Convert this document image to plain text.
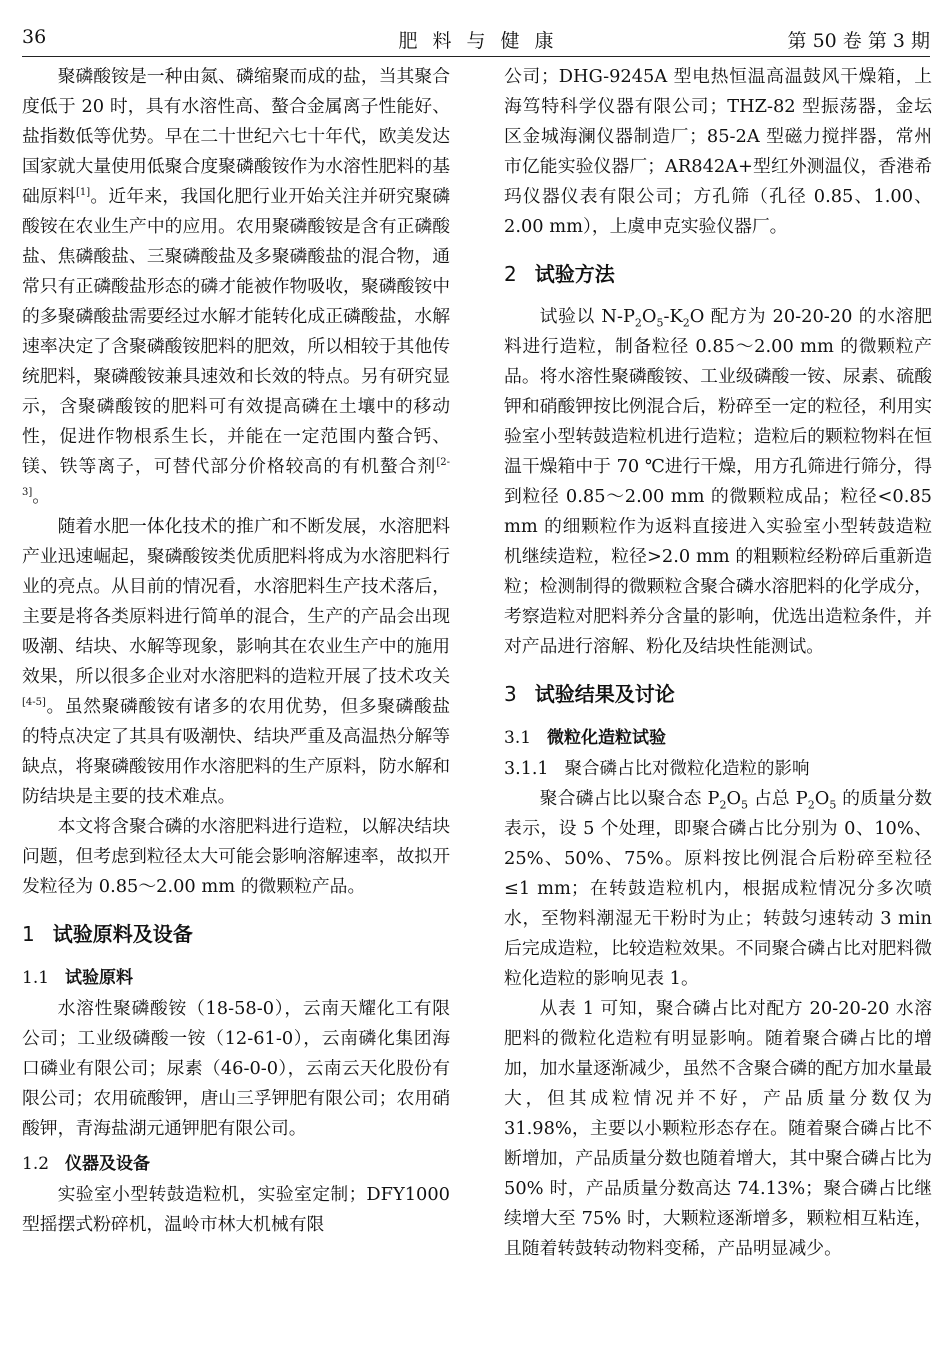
36	肥料与健康	第 50 卷 第 3 期

聚磷酸铵是一种由氮、磷缩聚而成的盐，当其聚合度低于 20 时，具有水溶性高、螯合金属离子性能好、盐指数低等优势。早在二十世纪六七十年代，欧美发达国家就大量使用低聚合度聚磷酸铵作为水溶性肥料的基础原料[1]。近年来，我国化肥行业开始关注并研究聚磷酸铵在农业生产中的应用。农用聚磷酸铵是含有正磷酸盐、焦磷酸盐、三聚磷酸盐及多聚磷酸盐的混合物，通常只有正磷酸盐形态的磷才能被作物吸收，聚磷酸铵中的多聚磷酸盐需要经过水解才能转化成正磷酸盐，水解速率决定了含聚磷酸铵肥料的肥效，所以相较于其他传统肥料，聚磷酸铵兼具速效和长效的特点。另有研究显示，含聚磷酸铵的肥料可有效提高磷在土壤中的移动性，促进作物根系生长，并能在一定范围内螯合钙、镁、铁等离子，可替代部分价格较高的有机螯合剂[2-3]。

随着水肥一体化技术的推广和不断发展，水溶肥料产业迅速崛起，聚磷酸铵类优质肥料将成为水溶肥料行业的亮点。从目前的情况看，水溶肥料生产技术落后，主要是将各类原料进行简单的混合，生产的产品会出现吸潮、结块、水解等现象，影响其在农业生产中的施用效果，所以很多企业对水溶肥料的造粒开展了技术攻关[4-5]。虽然聚磷酸铵有诸多的农用优势，但多聚磷酸盐的特点决定了其具有吸潮快、结块严重及高温热分解等缺点，将聚磷酸铵用作水溶肥料的生产原料，防水解和防结块是主要的技术难点。

本文将含聚合磷的水溶肥料进行造粒，以解决结块问题，但考虑到粒径太大可能会影响溶解速率，故拟开发粒径为 0.85～2.00 mm 的微颗粒产品。

1 试验原料及设备
1.1 试验原料

水溶性聚磷酸铵（18-58-0），云南天耀化工有限公司；工业级磷酸一铵（12-61-0），云南磷化集团海口磷业有限公司；尿素（46-0-0），云南云天化股份有限公司；农用硫酸钾，唐山三孚钾肥有限公司；农用硝酸钾，青海盐湖元通钾肥有限公司。

1.2 仪器及设备

实验室小型转鼓造粒机，实验室定制；DFY1000 型摇摆式粉碎机，温岭市林大机械有限

公司；DHG-9245A 型电热恒温高温鼓风干燥箱，上海笃特科学仪器有限公司；THZ-82 型振荡器，金坛区金城海澜仪器制造厂；85-2A 型磁力搅拌器，常州市亿能实验仪器厂；AR842A+型红外测温仪，香港希玛仪器仪表有限公司；方孔筛（孔径 0.85、1.00、2.00 mm），上虞申克实验仪器厂。

2 试验方法

试验以 $N-P_2O_5-K_2O$ 配方为 20-20-20 的水溶肥料进行造粒，制备粒径 0.85～2.00 mm 的微颗粒产品。将水溶性聚磷酸铵、工业级磷酸一铵、尿素、硫酸钾和硝酸钾按比例混合后，粉碎至一定的粒径，利用实验室小型转鼓造粒机进行造粒；造粒后的颗粒物料在恒温干燥箱中于 70 ℃进行干燥，用方孔筛进行筛分，得到粒径 0.85～2.00 mm 的微颗粒成品；粒径<0.85 mm 的细颗粒作为返料直接进入实验室小型转鼓造粒机继续造粒，粒径>2.0 mm 的粗颗粒经粉碎后重新造粒；检测制得的微颗粒含聚合磷水溶肥料的化学成分，考察造粒对肥料养分含量的影响，优选出造粒条件，并对产品进行溶解、粉化及结块性能测试。

3 试验结果及讨论
3.1 微粒化造粒试验
3.1.1 聚合磷占比对微粒化造粒的影响

聚合磷占比以聚合态 $P_2O_5$ 占总 $P_2O_5$ 的质量分数表示，设 5 个处理，即聚合磷占比分别为 0、10%、25%、50%、75%。原料按比例混合后粉碎至粒径≤1 mm；在转鼓造粒机内，根据成粒情况分多次喷水，至物料潮湿无干粉时为止；转鼓匀速转动 3 min 后完成造粒，比较造粒效果。不同聚合磷占比对肥料微粒化造粒的影响见表 1。

从表 1 可知，聚合磷占比对配方 20-20-20 水溶肥料的微粒化造粒有明显影响。随着聚合磷占比的增加，加水量逐渐减少，虽然不含聚合磷的配方加水量最大，但其成粒情况并不好，产品质量分数仅为 31.98%，主要以小颗粒形态存在。随着聚合磷占比不断增加，产品质量分数也随着增大，其中聚合磷占比为 50% 时，产品质量分数高达 74.13%；聚合磷占比继续增大至 75% 时，大颗粒逐渐增多，颗粒相互粘连，且随着转鼓转动物料变稀，产品明显减少。
